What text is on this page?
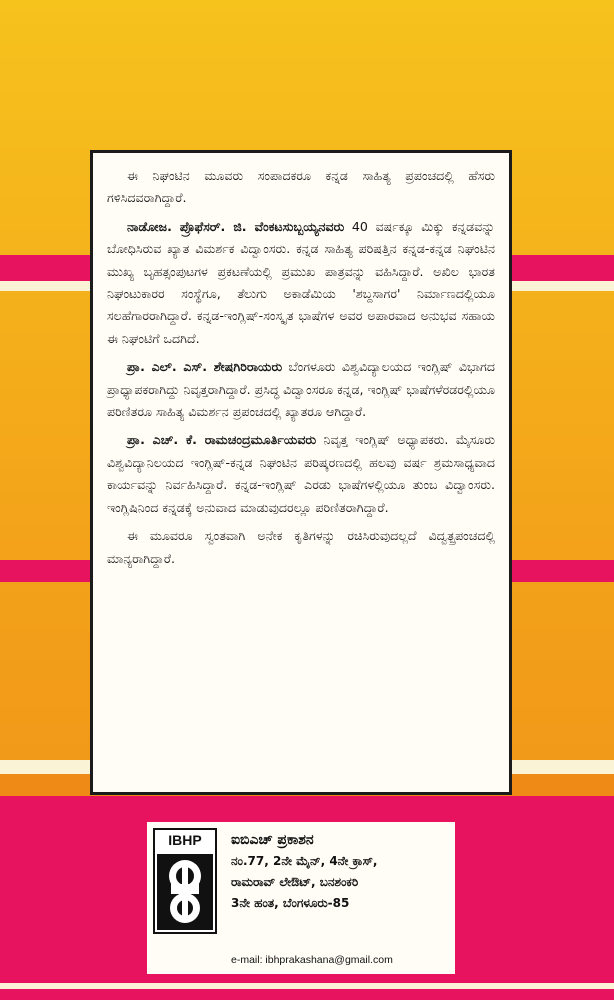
ಈ ನಿಘಂಟಿನ ಮೂವರು ಸಂಪಾದಕರೂ ಕನ್ನಡ ಸಾಹಿತ್ಯ ಪ್ರಪಂಚದಲ್ಲಿ ಹೆಸರು ಗಳಿಸಿದವರಾಗಿದ್ದಾರೆ.

ನಾಡೋಜ. ಪ್ರೊಫೆಸರ್. ಜಿ. ವೆಂಕಟಸುಬ್ಬಯ್ಯನವರು 40 ವರ್ಷಕ್ಕೂ ಮಿಕ್ಕು ಕನ್ನಡವನ್ನು ಬೋಧಿಸಿರುವ ಖ್ಯಾತ ವಿಮರ್ಶಕ ವಿದ್ವಾಂಸರು. ಕನ್ನಡ ಸಾಹಿತ್ಯ ಪರಿಷತ್ತಿನ ಕನ್ನಡ-ಕನ್ನಡ ನಿಘಂಟಿನ ಮುಖ್ಯ ಬೃಹತ್ಸಂಪುಟಗಳ ಪ್ರಕಟಣೆಯಲ್ಲಿ ಪ್ರಮುಖ ಪಾತ್ರವನ್ನು ವಹಿಸಿದ್ದಾರೆ. ಅಖಿಲ ಭಾರತ ನಿಘಂಟುಕಾರರ ಸಂಸ್ಥೆಗೂ, ತೆಲುಗು ಅಕಾಡೆಮಿಯ 'ಶಬ್ದಸಾಗರ' ನಿರ್ಮಾಣದಲ್ಲಿಯೂ ಸಲಹೆಗಾರರಾಗಿದ್ದಾರೆ. ಕನ್ನಡ-ಇಂಗ್ಲಿಷ್-ಸಂಸ್ಕೃತ ಭಾಷೆಗಳ ಅವರ ಅಪಾರವಾದ ಅನುಭವ ಸಹಾಯ ಈ ನಿಘಂಟಿಗೆ ಒದಗಿದೆ.

ಪ್ರಾ. ಎಲ್. ಎಸ್. ಶೇಷಗಿರಿರಾಯರು ಬೆಂಗಳೂರು ವಿಶ್ವವಿದ್ಯಾಲಯದ ಇಂಗ್ಲಿಷ್ ವಿಭಾಗದ ಪ್ರಾಧ್ಯಾಪಕರಾಗಿದ್ದು ನಿವೃತ್ತರಾಗಿದ್ದಾರೆ. ಪ್ರಸಿದ್ಧ ವಿದ್ವಾಂಸರೂ ಕನ್ನಡ, ಇಂಗ್ಲಿಷ್ ಭಾಷೆಗಳೆರಡರಲ್ಲಿಯೂ ಪರಿಣಿತರೂ ಸಾಹಿತ್ಯ ವಿಮರ್ಶನ ಪ್ರಪಂಚದಲ್ಲಿ ಖ್ಯಾತರೂ ಆಗಿದ್ದಾರೆ.

ಪ್ರಾ. ಎಚ್. ಕೆ. ರಾಮಚಂದ್ರಮೂರ್ತಿಯವರು ನಿವೃತ್ತ ಇಂಗ್ಲಿಷ್ ಅಧ್ಯಾಪಕರು. ಮೈಸೂರು ವಿಶ್ವವಿದ್ಯಾನಿಲಯದ ಇಂಗ್ಲಿಷ್-ಕನ್ನಡ ನಿಘಂಟಿನ ಪರಿಷ್ಕರಣದಲ್ಲಿ ಹಲವು ವರ್ಷ ಶ್ರಮಸಾಧ್ಯವಾದ ಕಾರ್ಯವನ್ನು ನಿರ್ವಹಿಸಿದ್ದಾರೆ. ಕನ್ನಡ-ಇಂಗ್ಲಿಷ್ ಎರಡು ಭಾಷೆಗಳಲ್ಲಿಯೂ ತುಂಬ ವಿದ್ವಾಂಸರು. ಇಂಗ್ಲಿಷಿನಿಂದ ಕನ್ನಡಕ್ಕೆ ಅನುವಾದ ಮಾಡುವುದರಲ್ಲೂ ಪರಿಣಿತರಾಗಿದ್ದಾರೆ.

ಈ ಮೂವರೂ ಸ್ವಂತವಾಗಿ ಅನೇಕ ಕೃತಿಗಳನ್ನು ರಚಿಸಿರುವುದಲ್ಲದೆ ವಿದ್ವತ್ಪ್ರಪಂಚದಲ್ಲಿ ಮಾನ್ಯರಾಗಿದ್ದಾರೆ.

IBHP	ಐಬಿಎಚ್ ಪ್ರಕಾಶನ
ನಂ.77, 2ನೇ ಮೈನ್, 4ನೇ ಕ್ರಾಸ್,
ರಾಮರಾವ್ ಲೇಔಟ್, ಬನಶಂಕರಿ
3ನೇ ಹಂತ, ಬೆಂಗಳೂರು-85
e-mail: ibhprakashana@gmail.com
